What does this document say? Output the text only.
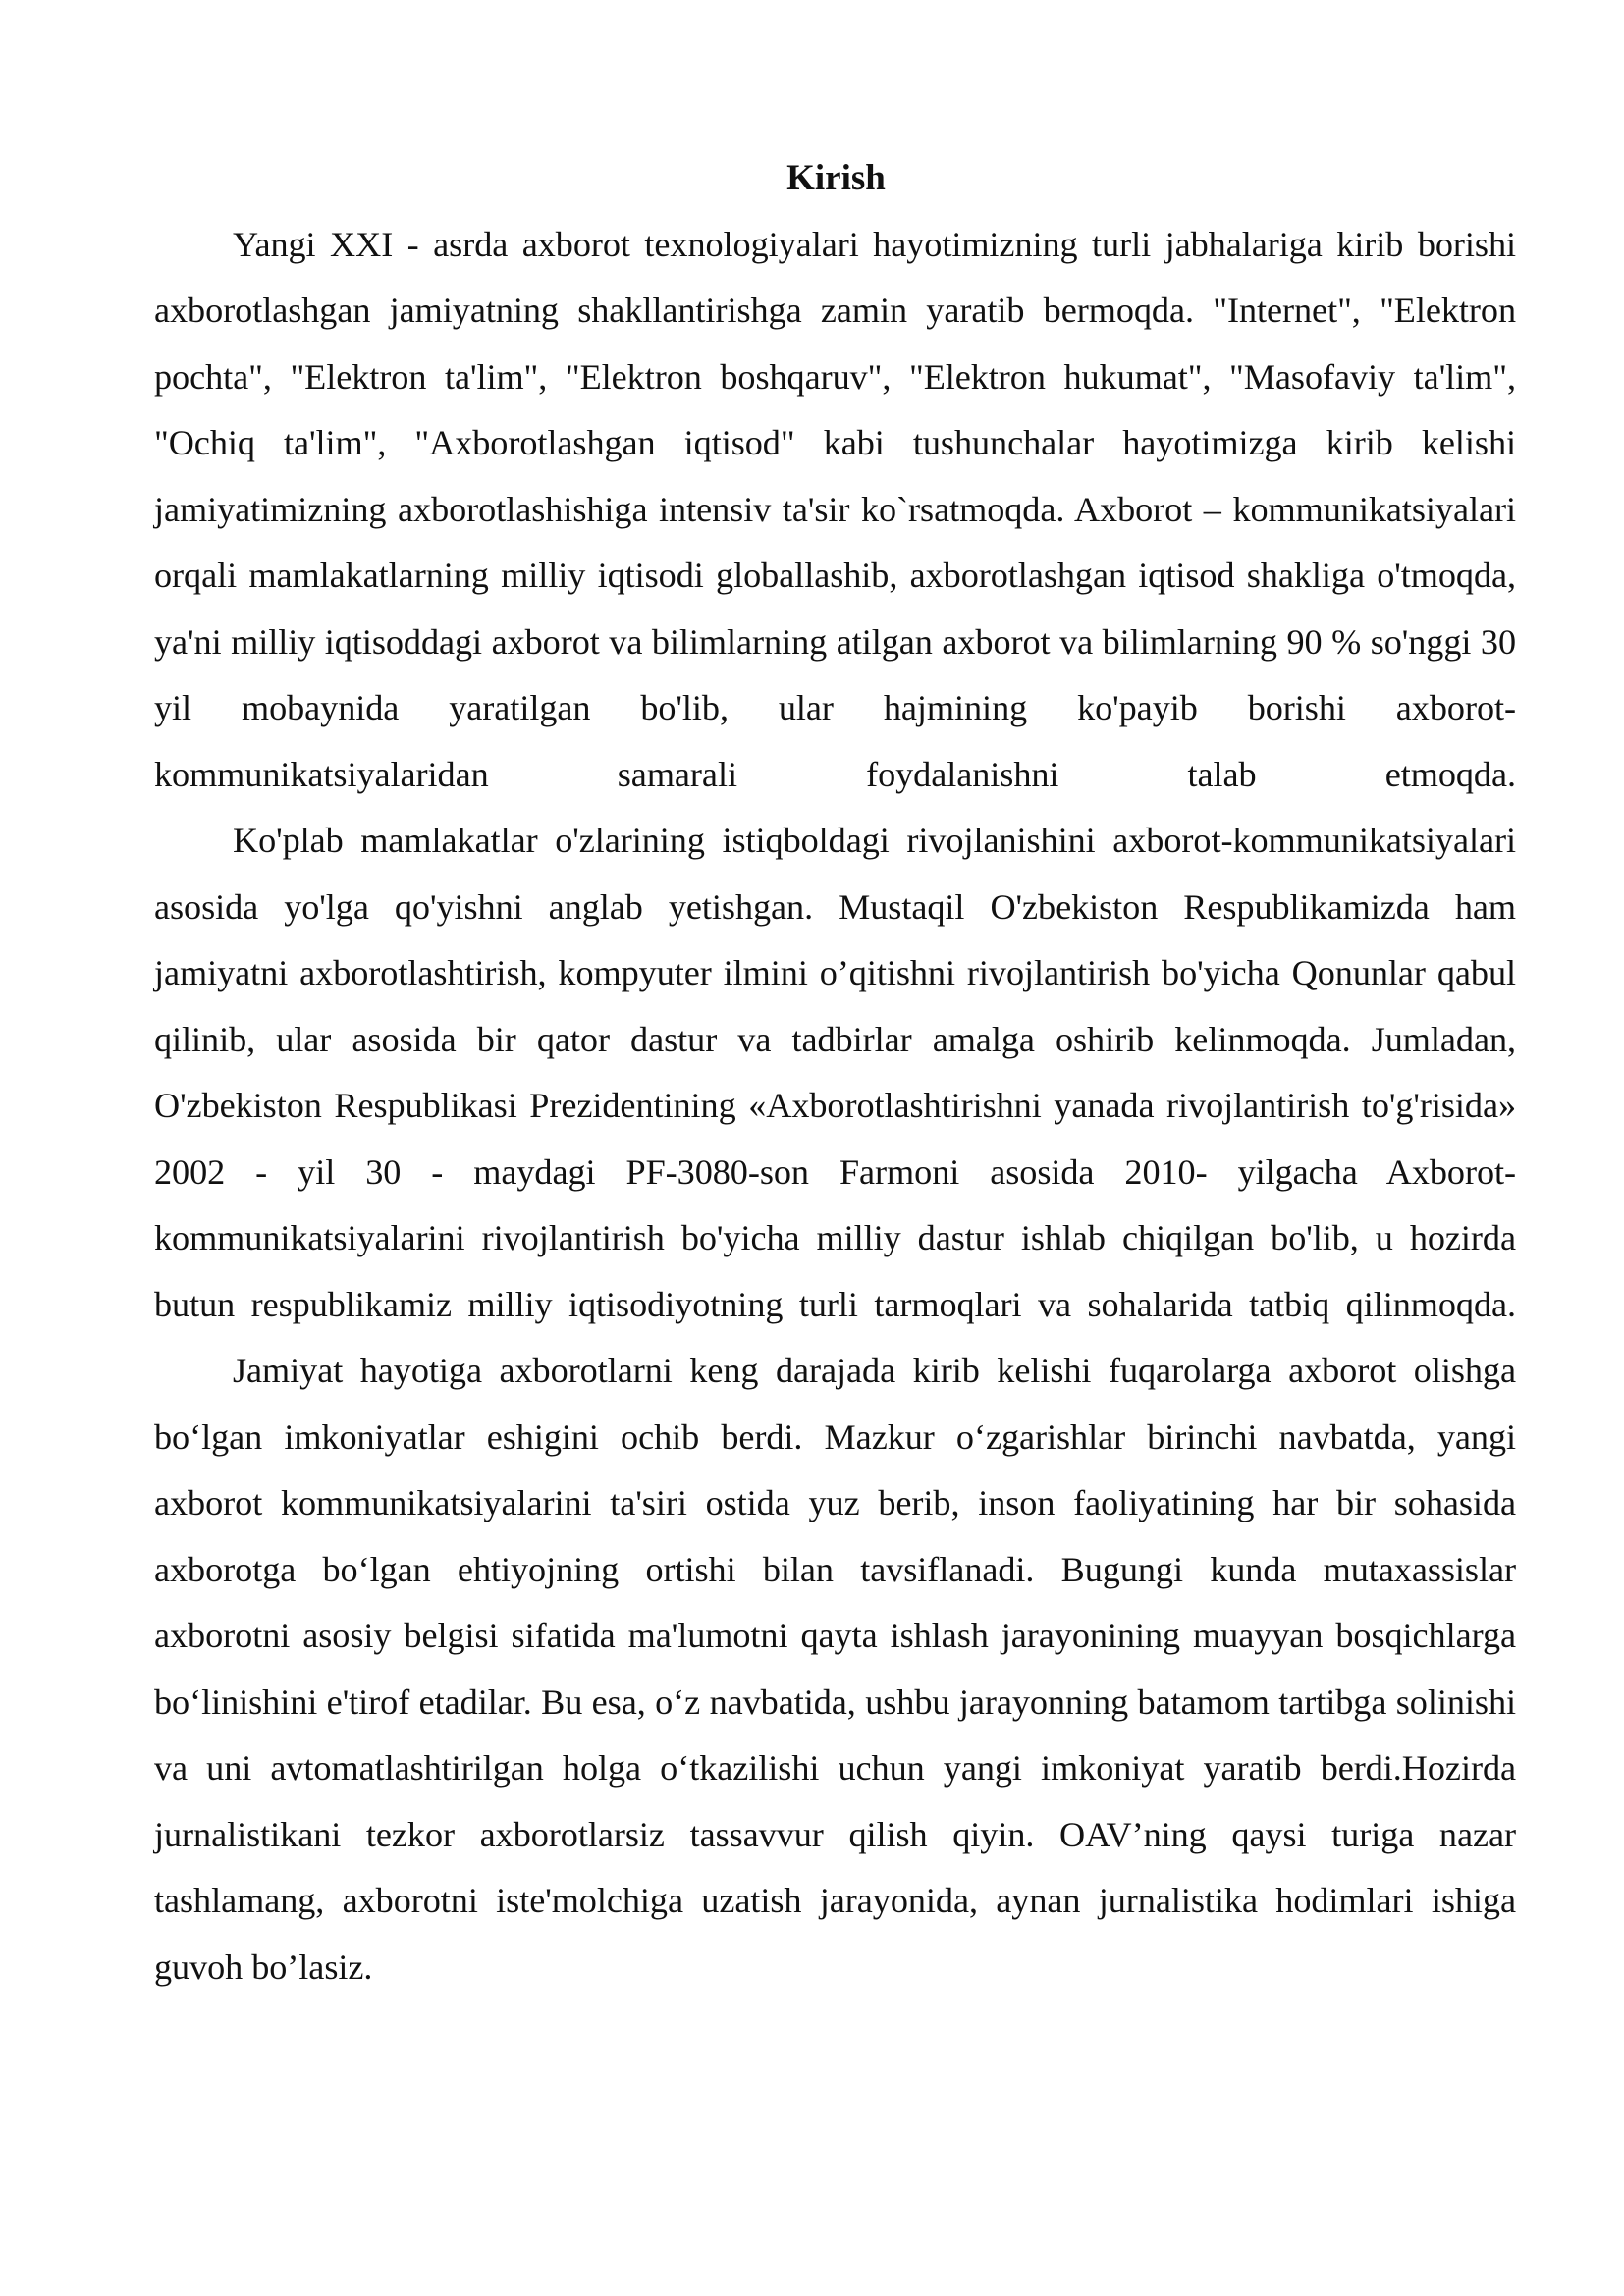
Kirish

Yangi XXI - asrda axborot texnologiyalari hayotimizning turli jabhalariga kirib borishi axborotlashgan jamiyatning shakllantirishga zamin yaratib bermoqda. "Internet", "Elektron pochta", "Elektron ta'lim", "Elektron boshqaruv", "Elektron hukumat", "Masofaviy ta'lim", "Ochiq ta'lim", "Axborotlashgan iqtisod" kabi tushunchalar hayotimizga kirib kelishi jamiyatimizning axborotlashishiga intensiv ta'sir ko`rsatmoqda. Axborot – kommunikatsiyalari orqali mamlakatlarning milliy iqtisodi globallashib, axborotlashgan iqtisod shakliga o'tmoqda, ya'ni milliy iqtisoddagi axborot va bilimlarning atilgan axborot va bilimlarning 90 % so'nggi 30 yil mobaynida yaratilgan bo'lib, ular hajmining ko'payib borishi axborot-kommunikatsiyalaridan samarali foydalanishni talab etmoqda.

Ko'plab mamlakatlar o'zlarining istiqboldagi rivojlanishini axborot-kommunikatsiyalari asosida yo'lga qo'yishni anglab yetishgan. Mustaqil O'zbekiston Respublikamizda ham jamiyatni axborotlashtirish, kompyuter ilmini o’qitishni rivojlantirish bo'yicha Qonunlar qabul qilinib, ular asosida bir qator dastur va tadbirlar amalga oshirib kelinmoqda. Jumladan, O'zbekiston Respublikasi Prezidentining «Axborotlashtirishni yanada rivojlantirish to'g'risida» 2002 - yil 30 - maydagi PF-3080-son Farmoni asosida 2010- yilgacha Axborot-kommunikatsiyalarini rivojlantirish bo'yicha milliy dastur ishlab chiqilgan bo'lib, u hozirda butun respublikamiz milliy iqtisodiyotning turli tarmoqlari va sohalarida tatbiq qilinmoqda.

Jamiyat hayotiga axborotlarni keng darajada kirib kelishi fuqarolarga axborot olishga bo‘lgan imkoniyatlar eshigini ochib berdi. Mazkur o‘zgarishlar birinchi navbatda, yangi axborot kommunikatsiyalarini ta'siri ostida yuz berib, inson faoliyatining har bir sohasida axborotga bo‘lgan ehtiyojning ortishi bilan tavsiflanadi. Bugungi kunda mutaxassislar axborotni asosiy belgisi sifatida ma'lumotni qayta ishlash jarayonining muayyan bosqichlarga bo‘linishini e'tirof etadilar. Bu esa, o‘z navbatida, ushbu jarayonning batamom tartibga solinishi va uni avtomatlashtirilgan holga o‘tkazilishi uchun yangi imkoniyat yaratib berdi.Hozirda jurnalistikani tezkor axborotlarsiz tassavvur qilish qiyin. OAV’ning qaysi turiga nazar tashlamang, axborotni iste'molchiga uzatish jarayonida, aynan jurnalistika hodimlari ishiga guvoh bo’lasiz.
